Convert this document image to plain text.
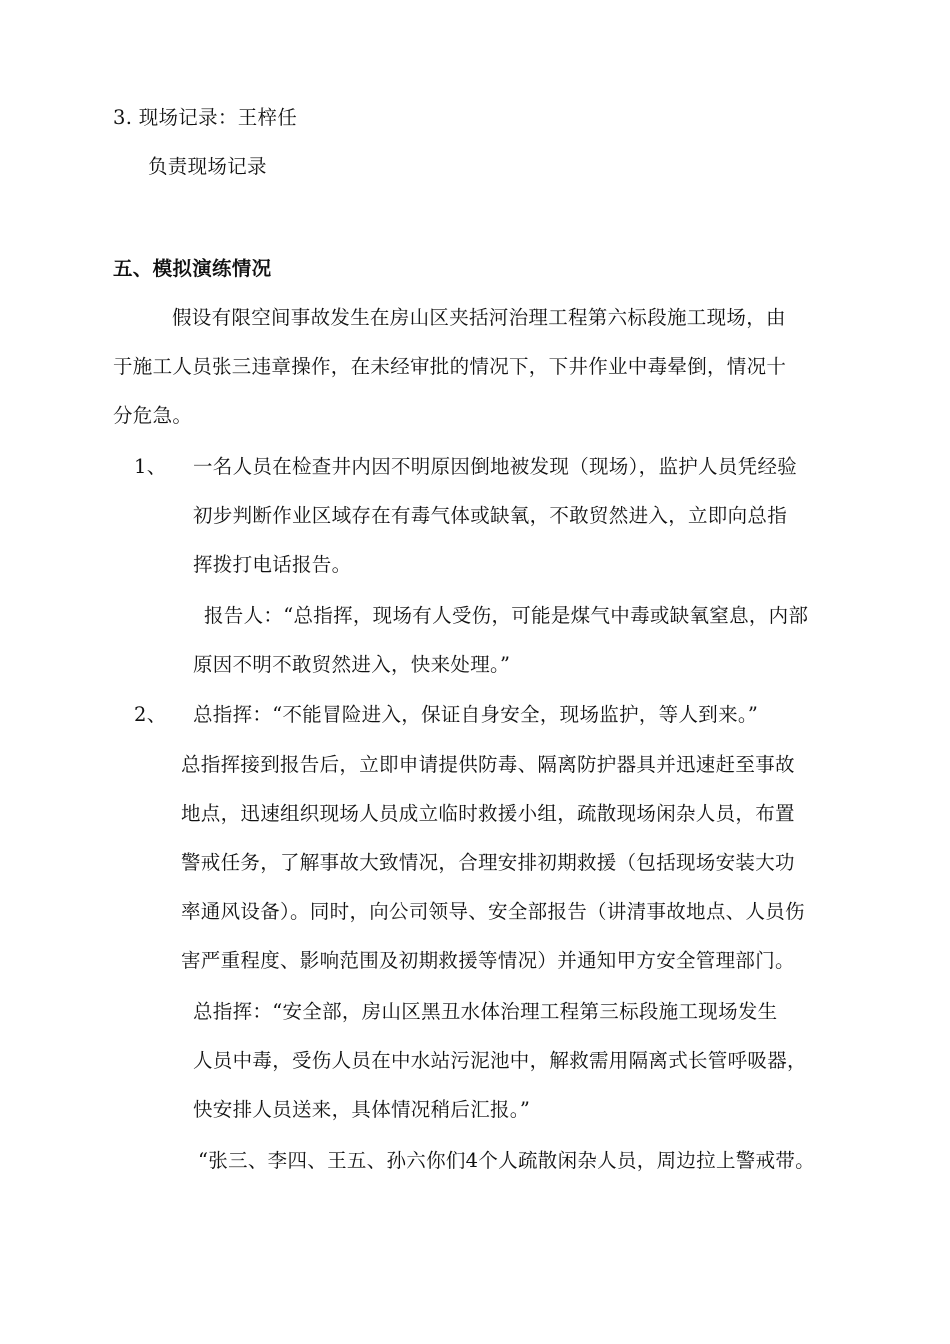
3. 现场记录：王梓任
负责现场记录
五、模拟演练情况
假设有限空间事故发生在房山区夹括河治理工程第六标段施工现场，由
于施工人员张三违章操作，在未经审批的情况下，下井作业中毒晕倒，情况十
分危急。
1、 一名人员在检查井内因不明原因倒地被发现（现场），监护人员凭经验
初步判断作业区域存在有毒气体或缺氧，不敢贸然进入，立即向总指
挥拨打电话报告。
报告人：“总指挥，现场有人受伤，可能是煤气中毒或缺氧窒息，内部
原因不明不敢贸然进入，快来处理。”
2、 总指挥：“不能冒险进入，保证自身安全，现场监护，等人到来。”
总指挥接到报告后，立即申请提供防毒、隔离防护器具并迅速赶至事故
地点，迅速组织现场人员成立临时救援小组，疏散现场闲杂人员，布置
警戒任务，了解事故大致情况，合理安排初期救援（包括现场安装大功
率通风设备）。同时，向公司领导、安全部报告（讲清事故地点、人员伤
害严重程度、影响范围及初期救援等情况）并通知甲方安全管理部门。
总指挥：“安全部，房山区黑丑水体治理工程第三标段施工现场发生
人员中毒，受伤人员在中水站污泥池中，解救需用隔离式长管呼吸器，
快安排人员送来，具体情况稍后汇报。”
“张三、李四、王五、孙六你们4个人疏散闲杂人员，周边拉上警戒带。
